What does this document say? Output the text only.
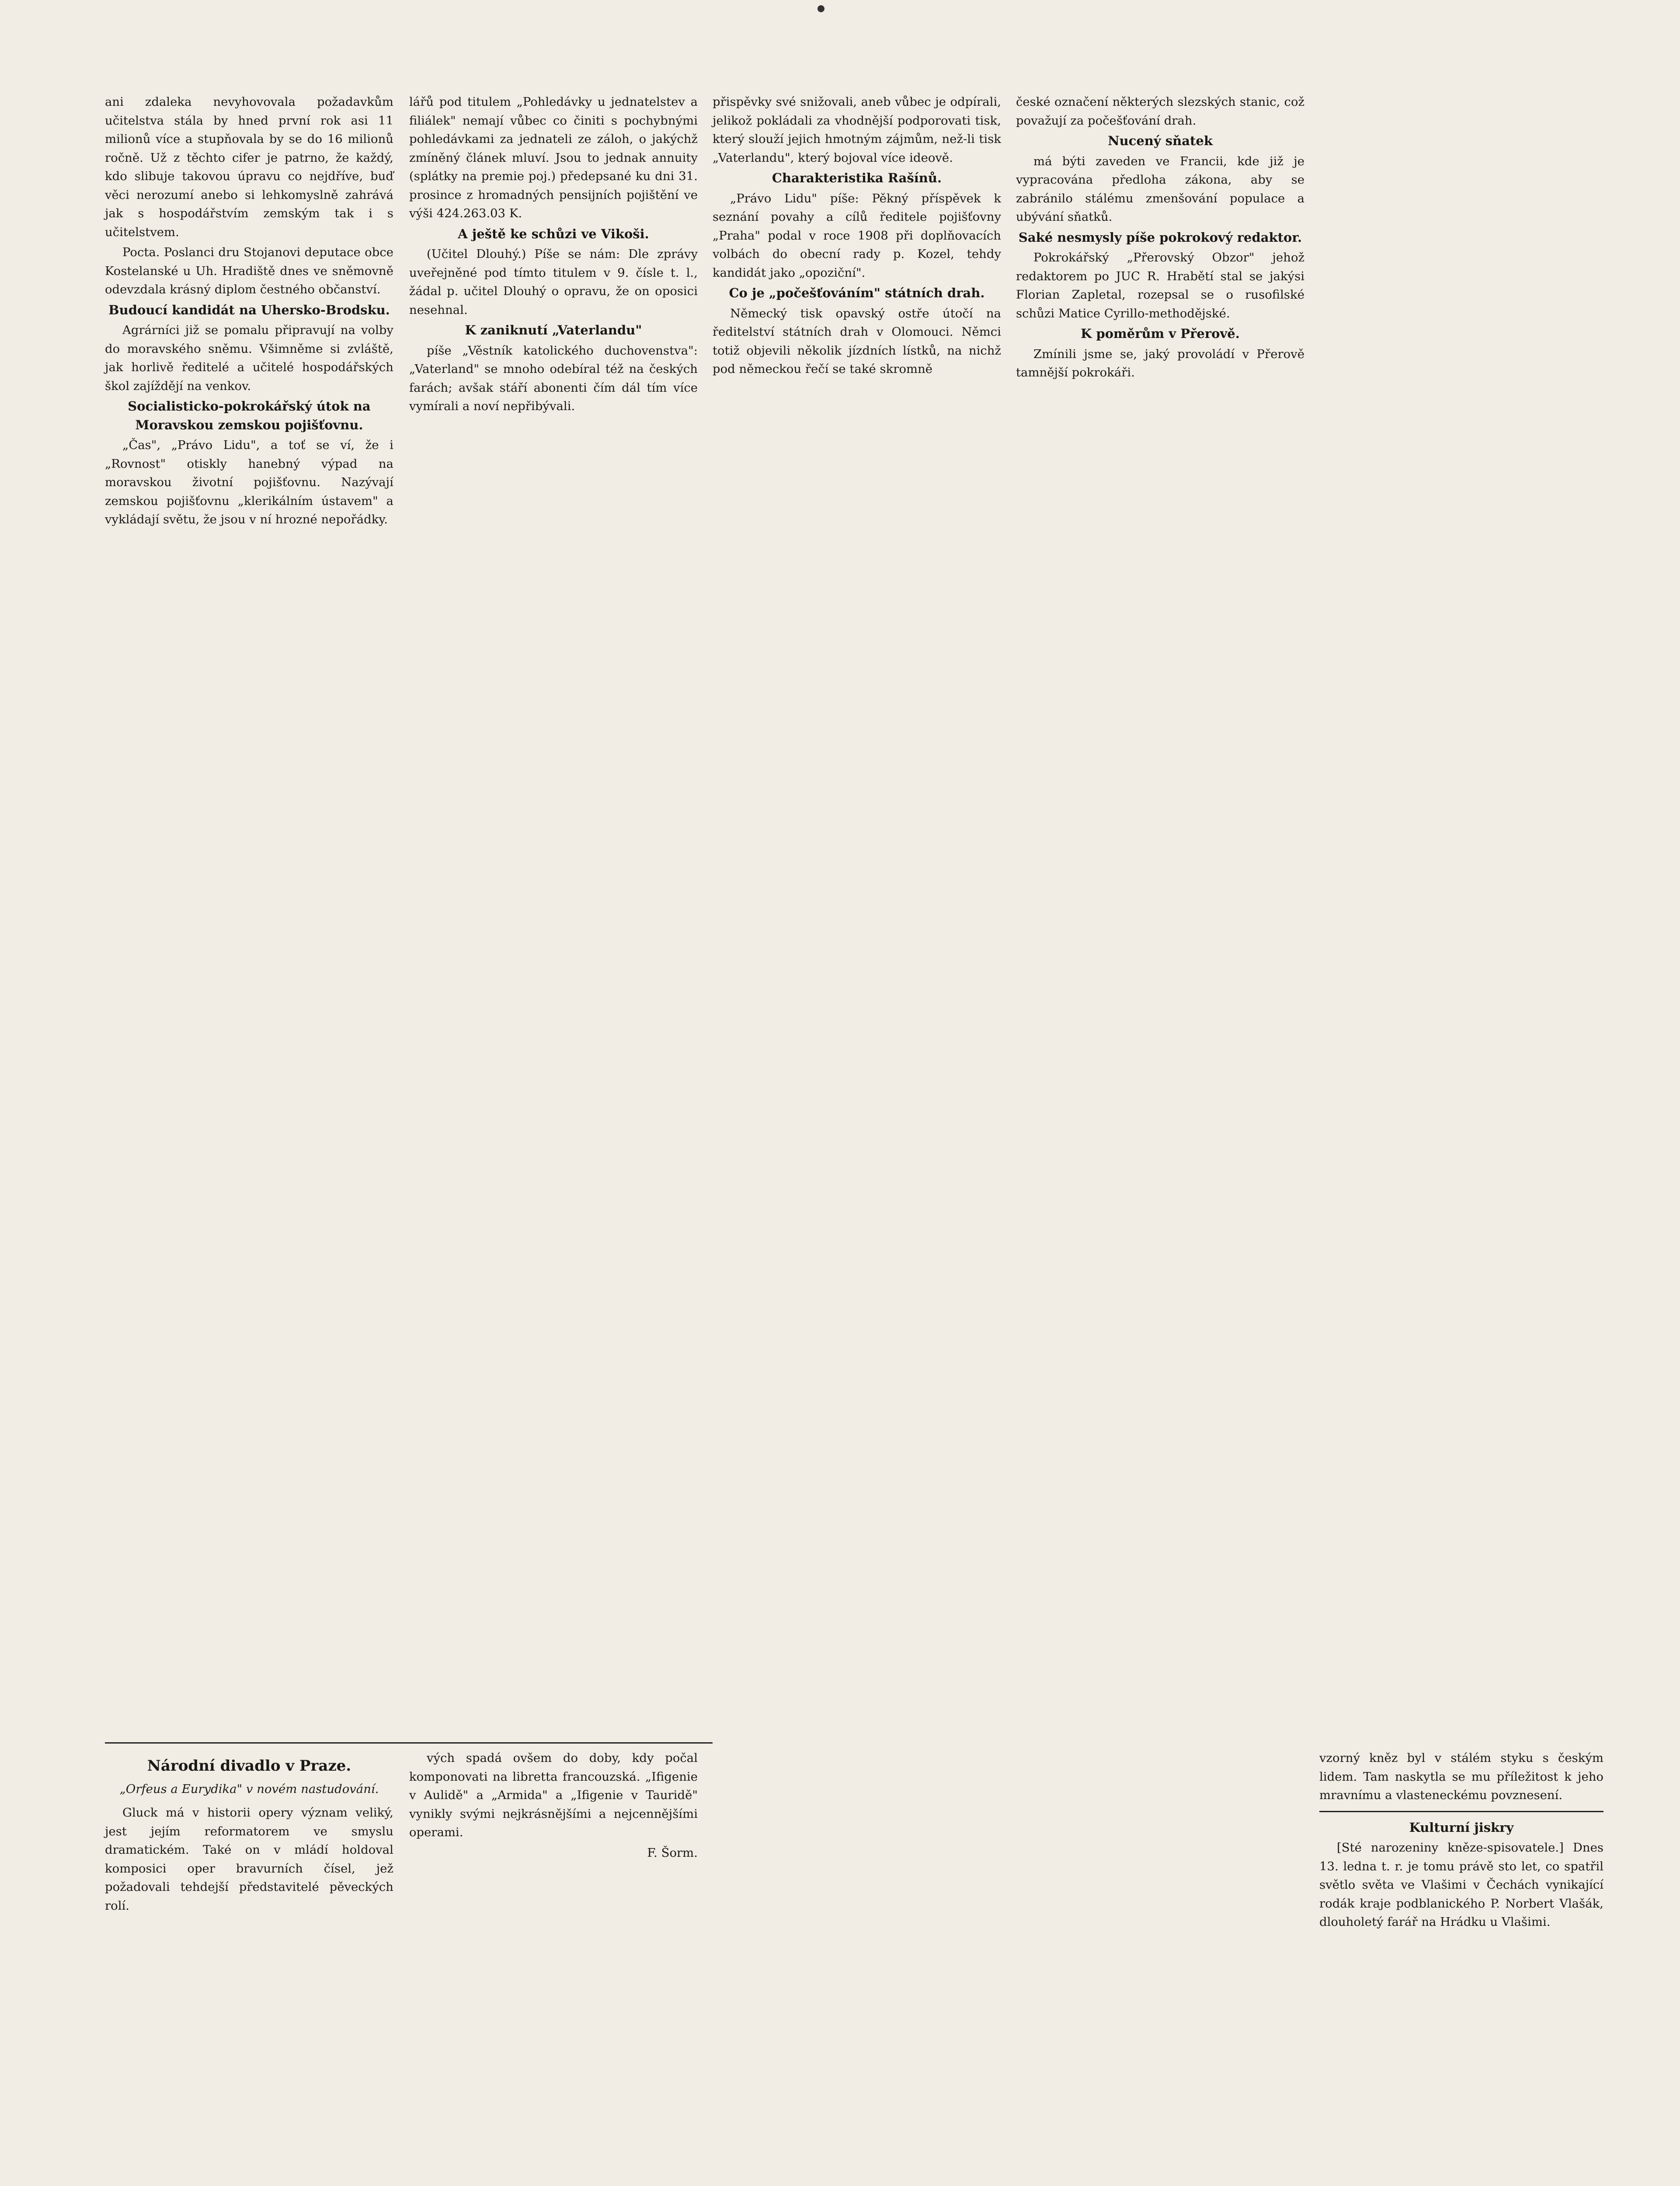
ani zdaleka nevyhovovala požadavkům učitelstva stála by hned první rok asi 11 milionů více a stupňovala by se do 16 milionů ročně. Už z těchto cifer je patrno, že každý, kdo slibuje takovou úpravu co nejdříve, buď věci nerozumí anebo si lehkomyslně zahrává jak s hospodářstvím zemským tak i s učitelstvem.

Pocta. Poslanci dru Stojanovi deputace obce Kostelanské u Uh. Hradiště dnes ve sněmovně odevzdala krásný diplom čestného občanství.

Budoucí kandidát na Uhersko-Brodsku.

Agrárníci již se pomalu připravují na volby do moravského sněmu. Všimněme si zvláště, jak horlivě ředitelé a učitelé hospodářských škol zajíždějí na venkov.

Socialisticko-pokrokářský útok na Moravskou zemskou pojišťovnu.

„Čas", „Právo Lidu", a toť se ví, že i „Rovnost" otiskly hanebný výpad na moravskou životní pojišťovnu. Nazývají zemskou pojišťovnu „klerikálním ústavem" a vykládají světu, že jsou v ní hrozné nepořádky.

lářů pod titulem „Pohledávky u jednatelstev a filiálek" nemají vůbec co činiti s pochybnými pohledávkami za jednateli ze záloh, o jakýchž zmíněný článek mluví. Jsou to jednak annuity (splátky na premie poj.) předepsané ku dni 31. prosince z hromadných pensijních pojištění ve výši 424.263.03 K.

A ještě ke schůzi ve Vikoši.

(Učitel Dlouhý.) Píše se nám: Dle zprávy uveřejněné pod tímto titulem v 9. čísle t. l., žádal p. učitel Dlouhý o opravu, že on oposici nesehnal.

K zaniknutí „Vaterlandu"

píše „Věstník katolického duchovenstva": „Vaterland" se mnoho odebíral též na českých farách; avšak stáří abonenti čím dál tím více vymírali a noví nepřibývali.

přispěvky své snižovali, aneb vůbec je odpírali, jelikož pokládali za vhodnější podporovati tisk, který slouží jejich hmotným zájmům, než-li tisk „Vaterlandu", který bojoval více ideově.

Charakteristika Rašínů.

„Právo Lidu" píše: Pěkný příspěvek k seznání povahy a cílů ředitele pojišťovny „Praha" podal v roce 1908 při doplňovacích volbách do obecní rady p. Kozel, tehdy kandidát jako „opoziční".

Co je „počešťováním" státních drah.

Německý tisk opavský ostře útočí na ředitelství státních drah v Olomouci. Němci totiž objevili několik jízdních lístků, na nichž pod německou řečí se také skromně

české označení některých slezských stanic, což považují za počešťování drah.

Nucený sňatek

má býti zaveden ve Francii, kde již je vypracována předloha zákona, aby se zabránilo stálému zmenšování populace a ubývání sňatků.

Saké nesmysly píše pokrokový redaktor.

Pokrokářský „Přerovský Obzor" jehož redaktorem po JUC R. Hrabětí stal se jakýsi Florian Zapletal, rozepsal se o rusofilské schůzi Matice Cyrillo-methodějské.

K poměrům v Přerově.

Zmínili jsme se, jaký provoládí v Přerově tamnější pokrokáři.

vzorný kněz byl v stálém styku s českým lidem. Tam naskytla se mu příležitost k jeho mravnímu a vlasteneckému povznesení.

Kulturní jiskry

[Sté narozeniny kněze-spisovatele.] Dnes 13. ledna t. r. je tomu právě sto let, co spatřil světlo světa ve Vlašimi v Čechách vynikající rodák kraje podblanického P. Norbert Vlašák, dlouholetý farář na Hrádku u Vlašimi.

Národní divadlo v Praze.
„Orfeus a Eurydika" v novém nastudování.

Gluck má v historii opery význam veliký, jest jejím reformatorem ve smyslu dramatickém. Také on v mládí holdoval komposici oper bravurních čísel, jež požadovali tehdejší představitelé pěveckých rolí.

vých spadá ovšem do doby, kdy počal komponovati na libretta francouzská. „Ifigenie v Aulidě" a „Armida" a „Ifigenie v Tauridě" vynikly svými nejkrásnějšími a nejcennějšími operami.

F. Šorm.
